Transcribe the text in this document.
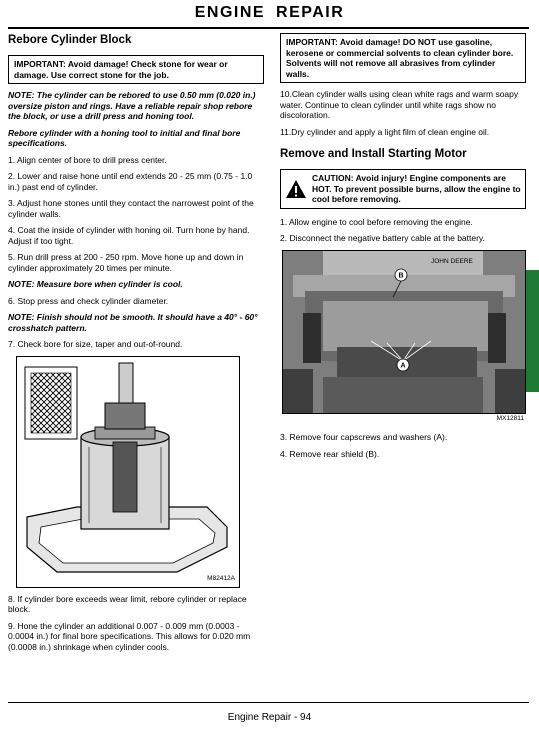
ENGINE REPAIR
Rebore Cylinder Block
IMPORTANT: Avoid damage! Check stone for wear or damage. Use correct stone for the job.

NOTE: The cylinder can be rebored to use 0.50 mm (0.020 in.) oversize piston and rings. Have a reliable repair shop rebore the block, or use a drill press and honing tool.

Rebore cylinder with a honing tool to initial and final bore specifications.

1. Align center of bore to drill press center.

2. Lower and raise hone until end extends 20 - 25 mm (0.75 - 1.0 in.) past end of cylinder.

3. Adjust hone stones until they contact the narrowest point of the cylinder walls.

4. Coat the inside of cylinder with honing oil. Turn hone by hand. Adjust if too tight.

5. Run drill press at 200 - 250 rpm. Move hone up and down in cylinder approximately 20 times per minute.

NOTE: Measure bore when cylinder is cool.

6. Stop press and check cylinder diameter.

NOTE: Finish should not be smooth. It should have a 40° - 60° crosshatch pattern.

7. Check bore for size, taper and out-of-round.

M82412A

8. If cylinder bore exceeds wear limit, rebore cylinder or replace block.

9. Hone the cylinder an additional 0.007 - 0.009 mm (0.0003 - 0.0004 in.) for final bore specifications. This allows for 0.020 mm (0.0008 in.) shrinkage when cylinder cools.

IMPORTANT: Avoid damage! DO NOT use gasoline, kerosene or commercial solvents to clean cylinder bore. Solvents will not remove all abrasives from cylinder walls.

10.Clean cylinder walls using clean white rags and warm soapy water. Continue to clean cylinder until white rags show no discoloration.

11.Dry cylinder and apply a light film of clean engine oil.

Remove and Install Starting Motor
CAUTION: Avoid injury! Engine components are HOT. To prevent possible burns, allow the engine to cool before removing.

1. Allow engine to cool before removing the engine.

2. Disconnect the negative battery cable at the battery.

JOHN DEERE
B
A
MX12811

3. Remove four capscrews and washers (A).

4. Remove rear shield (B).

Engine Repair - 94
